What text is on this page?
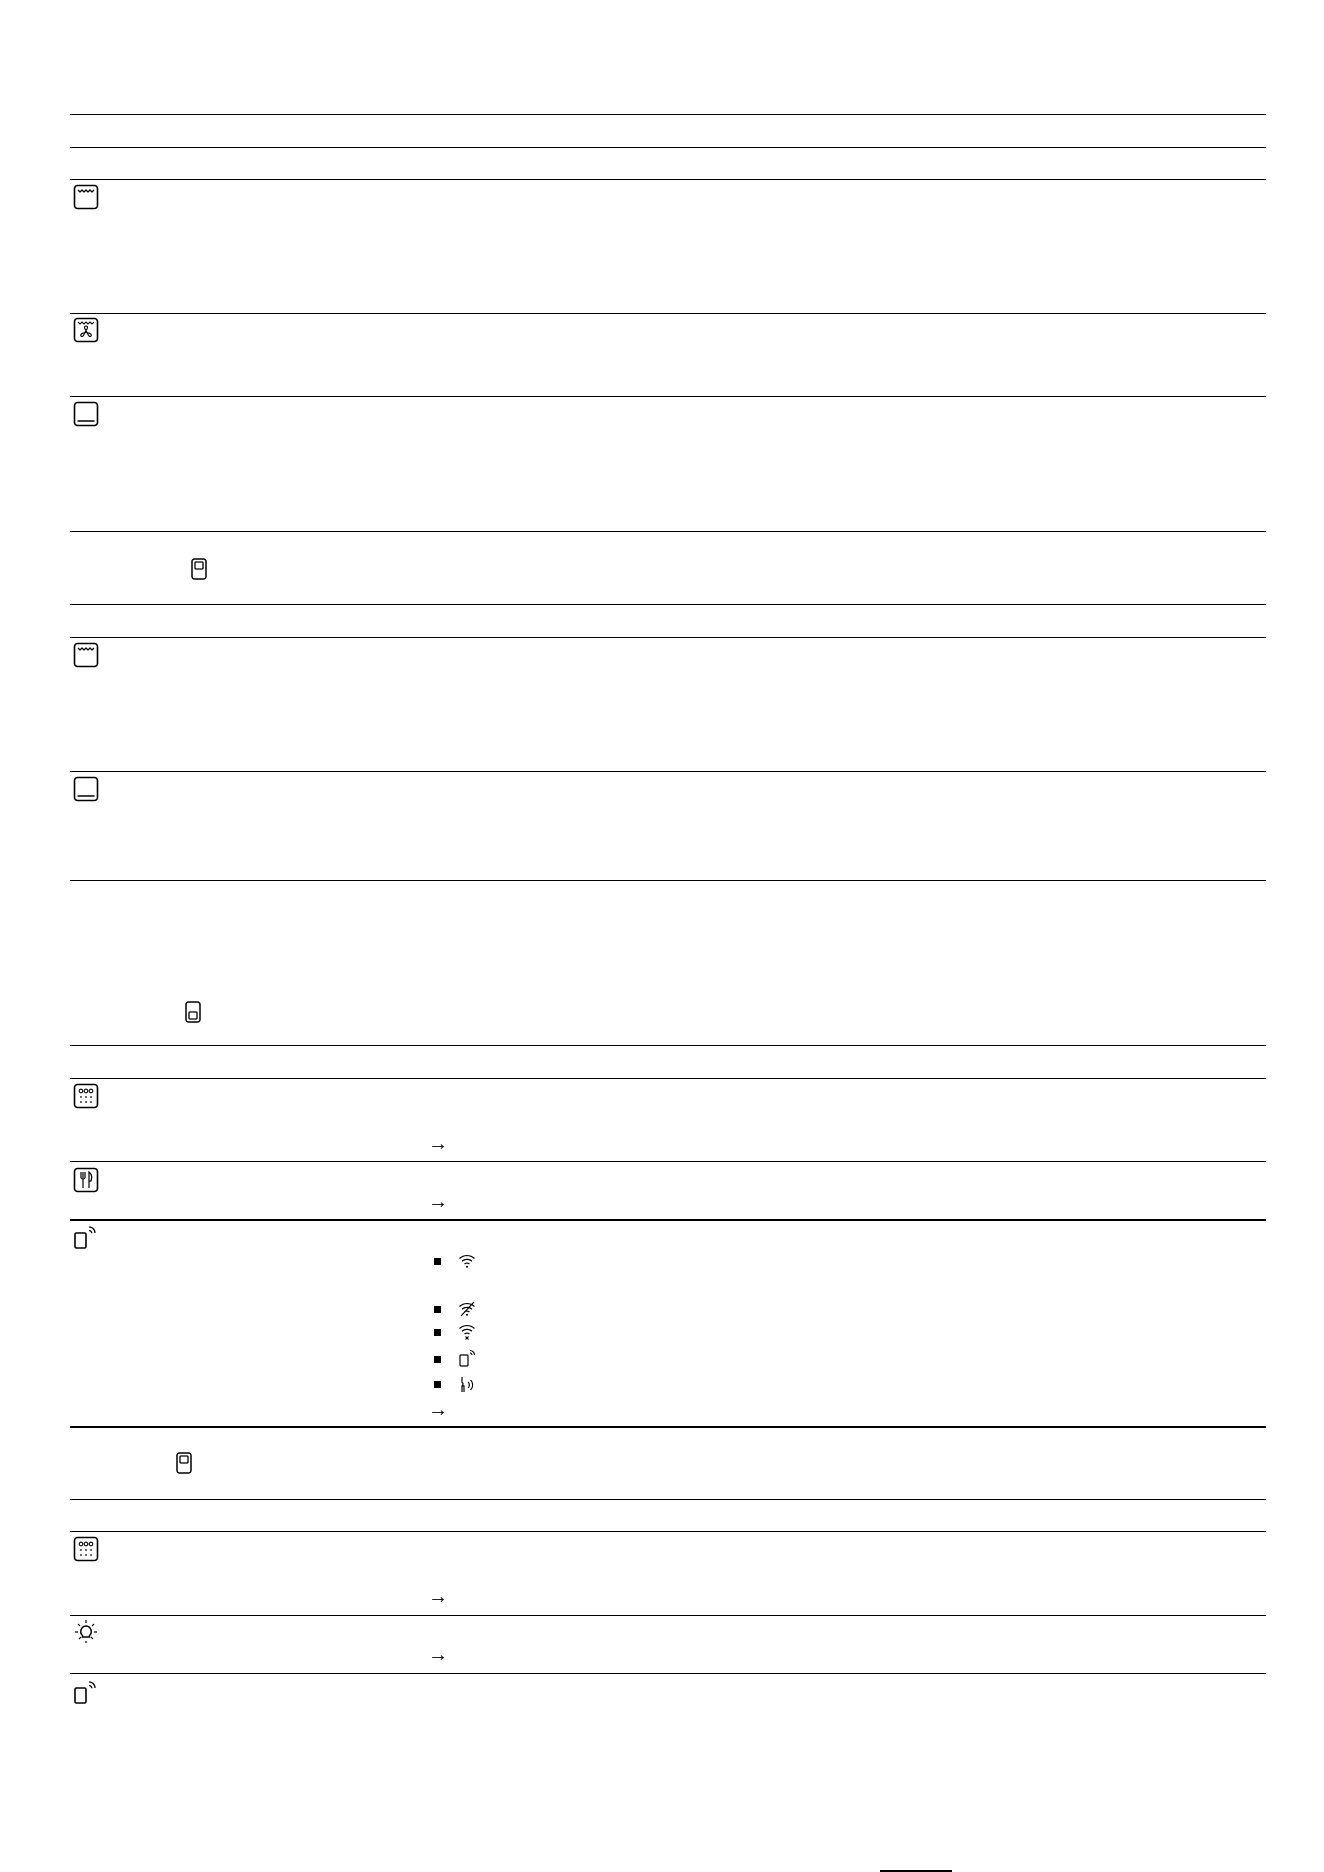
→
→
→
→
→
